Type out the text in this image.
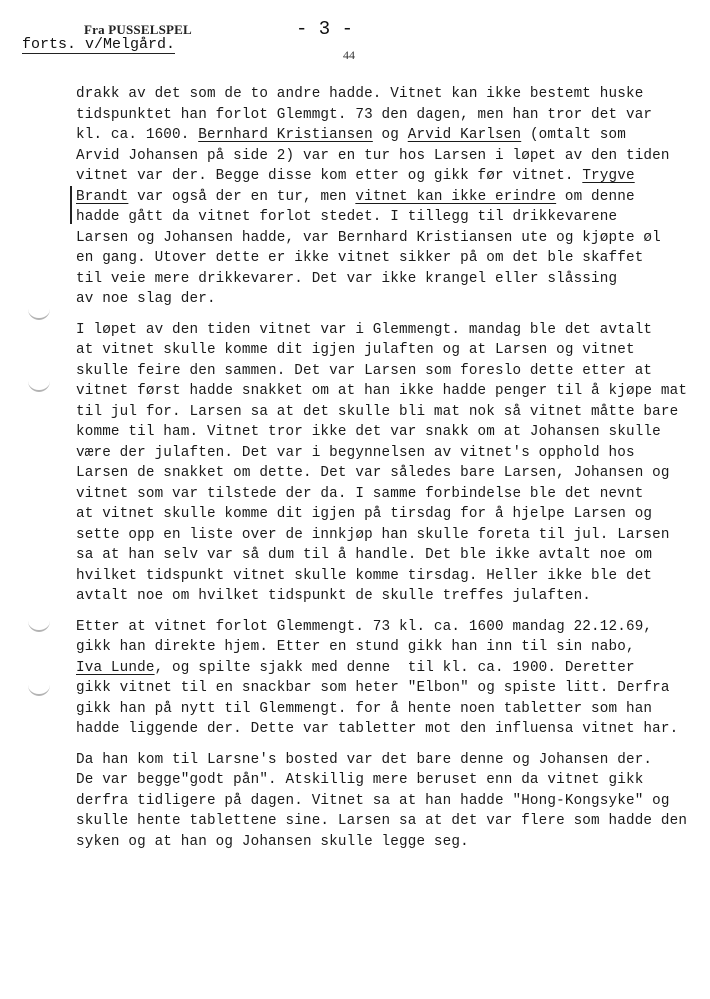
Fra PUSSELSPEL	- 3 -
forts. v/Melgård.
44
drakk av det som de to andre hadde. Vitnet kan ikke bestemt huske
tidspunktet han forlot Glemmgt. 73 den dagen, men han tror det var
kl. ca. 1600. Bernhard Kristiansen og Arvid Karlsen (omtalt som
Arvid Johansen på side 2) var en tur hos Larsen i løpet av den tiden
vitnet var der. Begge disse kom etter og gikk før vitnet. Trygve
Brandt var også der en tur, men vitnet kan ikke erindre om denne
hadde gått da vitnet forlot stedet. I tillegg til drikkevarene
Larsen og Johansen hadde, var Bernhard Kristiansen ute og kjøpte øl
en gang. Utover dette er ikke vitnet sikker på om det ble skaffet
til veie mere drikkevarer. Det var ikke krangel eller slåssing
av noe slag der.
I løpet av den tiden vitnet var i Glemmengt. mandag ble det avtalt
at vitnet skulle komme dit igjen julaften og at Larsen og vitnet
skulle feire den sammen. Det var Larsen som foreslo dette etter at
vitnet først hadde snakket om at han ikke hadde penger til å kjøpe mat
til jul for. Larsen sa at det skulle bli mat nok så vitnet måtte bare
komme til ham. Vitnet tror ikke det var snakk om at Johansen skulle
være der julaften. Det var i begynnelsen av vitnet's opphold hos
Larsen de snakket om dette. Det var således bare Larsen, Johansen og
vitnet som var tilstede der da. I samme forbindelse ble det nevnt
at vitnet skulle komme dit igjen på tirsdag for å hjelpe Larsen og
sette opp en liste over de innkjøp han skulle foreta til jul. Larsen
sa at han selv var så dum til å handle. Det ble ikke avtalt noe om
hvilket tidspunkt vitnet skulle komme tirsdag. Heller ikke ble det
avtalt noe om hvilket tidspunkt de skulle treffes julaften.
Etter at vitnet forlot Glemmengt. 73 kl. ca. 1600 mandag 22.12.69,
gikk han direkte hjem. Etter en stund gikk han inn til sin nabo,
Iva Lunde, og spilte sjakk med denne  til kl. ca. 1900. Deretter
gikk vitnet til en snackbar som heter "Elbon" og spiste litt. Derfra
gikk han på nytt til Glemmengt. for å hente noen tabletter som han
hadde liggende der. Dette var tabletter mot den influensa vitnet har.
Da han kom til Larsne's bosted var det bare denne og Johansen der.
De var begge"godt pån". Atskillig mere beruset enn da vitnet gikk
derfra tidligere på dagen. Vitnet sa at han hadde "Hong-Kongsyke" og
skulle hente tablettene sine. Larsen sa at det var flere som hadde den
syken og at han og Johansen skulle legge seg.
